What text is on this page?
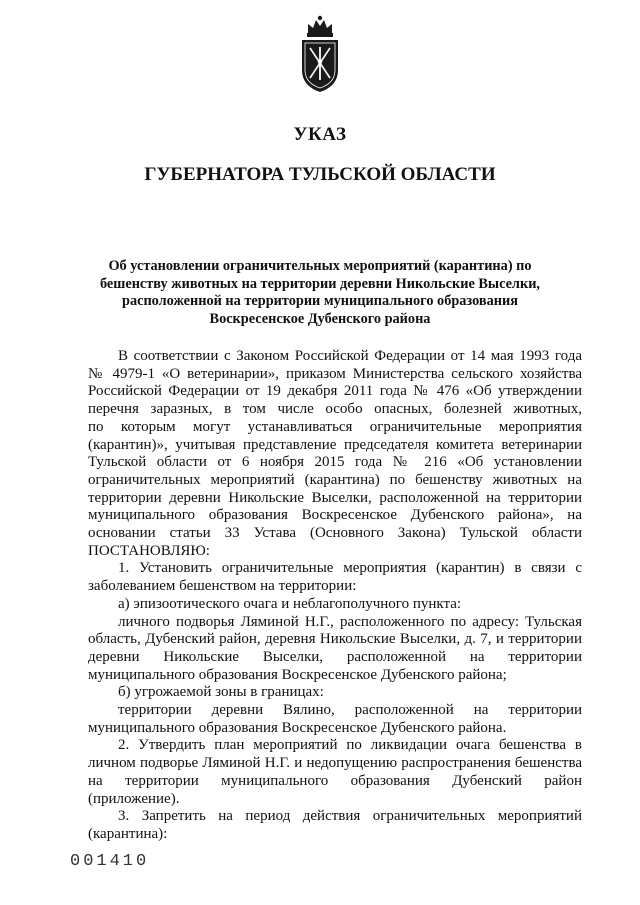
УКАЗ
ГУБЕРНАТОРА ТУЛЬСКОЙ ОБЛАСТИ
Об установлении ограничительных мероприятий (карантина) по
бешенству животных на территории деревни Никольские Выселки,
расположенной на территории муниципального образования
Воскресенское Дубенского района

В соответствии с Законом Российской Федерации от 14 мая 1993 года

№ 4979-1 «О ветеринарии», приказом Министерства сельского хозяйства

Российской Федерации от 19 декабря 2011 года № 476 «Об утверждении

перечня заразных, в том числе особо опасных, болезней животных,

по которым могут устанавливаться ограничительные мероприятия

(карантин)», учитывая представление председателя комитета ветеринарии

Тульской области от 6 ноября 2015 года № 216 «Об установлении

ограничительных мероприятий (карантина) по бешенству животных на

территории деревни Никольские Выселки, расположенной на территории

муниципального образования Воскресенское Дубенского района», на

основании статьи 33 Устава (Основного Закона) Тульской области

ПОСТАНОВЛЯЮ:

1. Установить ограничительные мероприятия (карантин) в связи с

заболеванием бешенством на территории:

а) эпизоотического очага и неблагополучного пункта:

личного подворья Ляминой Н.Г., расположенного по адресу: Тульская

область, Дубенский район, деревня Никольские Выселки, д. 7, и территории

деревни Никольские Выселки, расположенной на территории

муниципального образования Воскресенское Дубенского района;

б) угрожаемой зоны в границах:

территории деревни Вялино, расположенной на территории

муниципального образования Воскресенское Дубенского района.

2. Утвердить план мероприятий по ликвидации очага бешенства в

личном подворье Ляминой Н.Г. и недопущению распространения бешенства

на территории муниципального образования Дубенский район (приложение).

3. Запретить на период действия ограничительных мероприятий

(карантина):

001410
